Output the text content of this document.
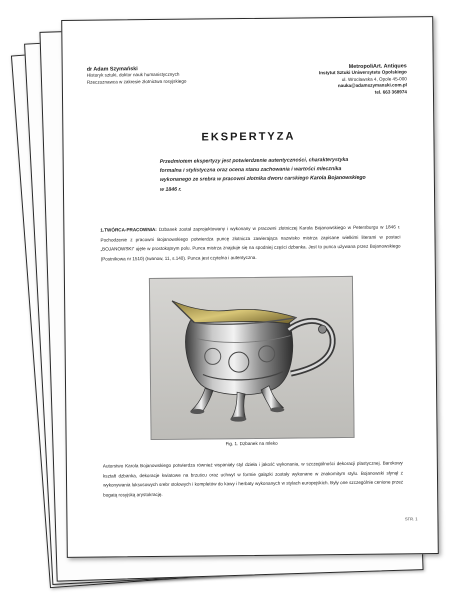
dr Adam Szymański
Historyk sztuki, doktor nauk humanistycznych
Rzeczoznawca w zakresie złotnictwa rosyjskiego
MetropoliArt. Antiques
Instytut Sztuki Uniwersytetu Opolskiego
ul. Wrocławska 4, Opole 45-000
nauka@adamszymanski.com.pl
tel. 663 368974
EKSPERTYZA
Przedmiotem ekspertyzy jest potwierdzenie autentyczności, charakterystyka formalna i stylistyczna oraz ocena stanu zachowania i wartości mlecznika wykonanego ze srebra w pracowni złotnika dworu carskiego Karola Bojanowskiego w 1846 r.
1.TWÓRCA-PRACOWNIA: Dzbanek został zaprojektowany i wykonany w pracowni złotniczej Karola Bojanowskiego w Petersburgu w 1846 r. Pochodzenie z pracowni Bojanowskiego potwierdza puncę złotnicza zawierająca nazwisko mistrza zapisane wielkimi literami w postaci „BOJANOWSKI” ujęte w prostokątnym polu. Punca mistrza znajduje się na spodniej części dzbanka. Jest to punca używana przez Bojanowskiego (Postnikowa nr 1510) (Iwanow, 11, s.140). Punca jest czytelna i autentyczna.
Fig. 1. Dzbanek na mleko
Autorstwo Karola Bojanowskiego potwierdza również wspaniały styl dzieła i jakość wykonania, w szczególności dekoracji plastycznej. Barokowy kształt dzbanka, dekoracje kwiatowe na brzuścu oraz uchwyt w formie gałązki zostały wykonane w znakomitym stylu. Bojanowski słynął z wykonywania luksusowych srebr stołowych i kompletów do kawy i herbaty wykonanych w stylach europejskich. Były one szczególnie cenione przez bogatą rosyjską arystokrację.
STR. 1
